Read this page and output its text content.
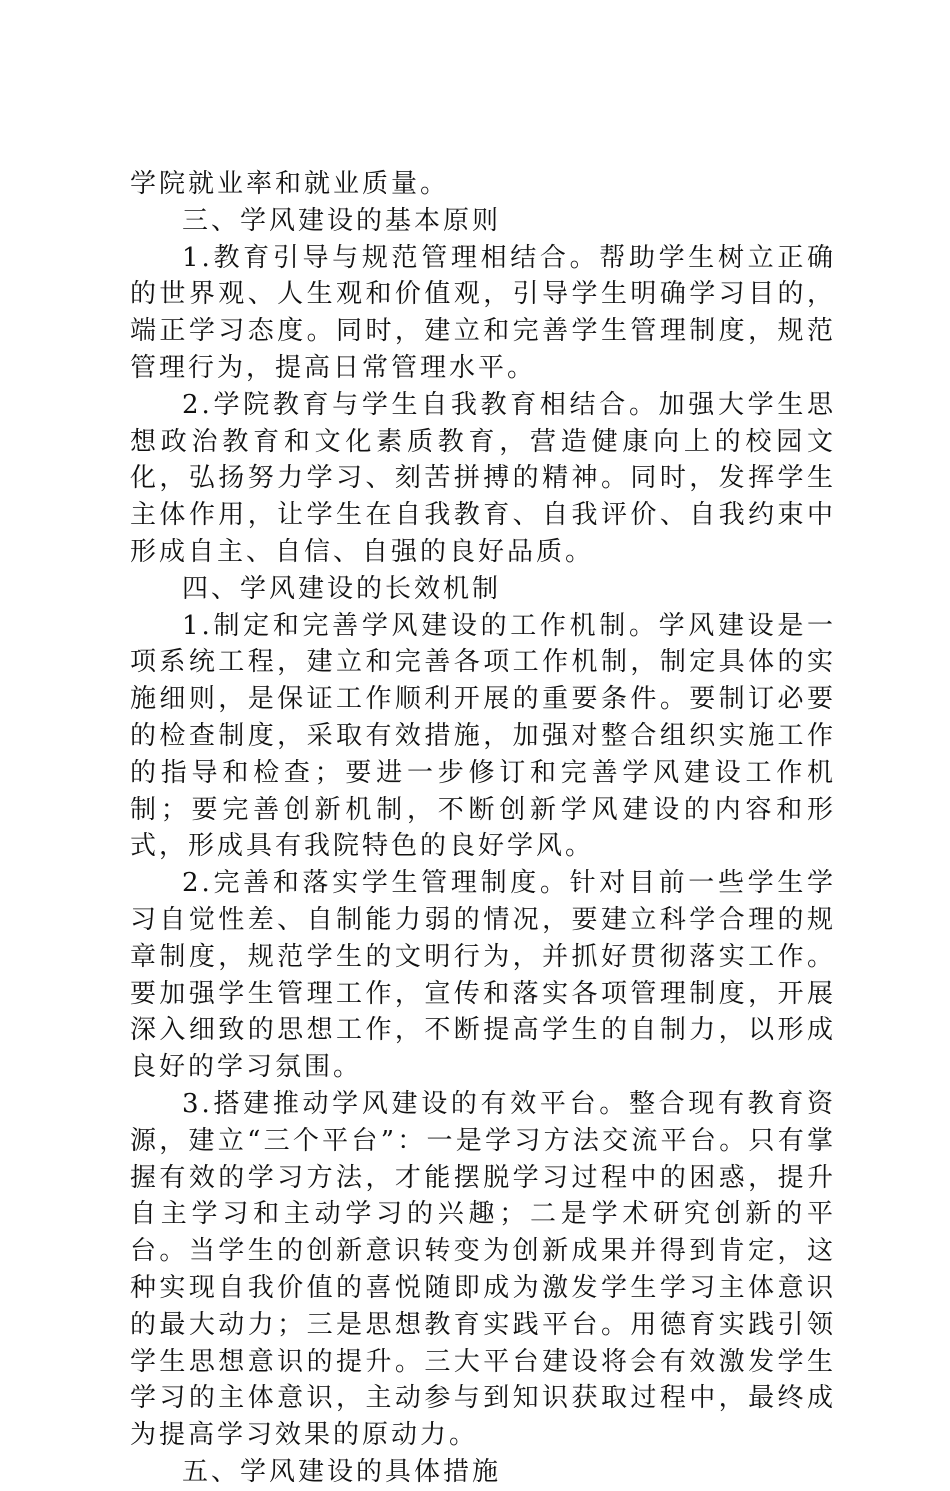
学院就业率和就业质量。

三、学风建设的基本原则

1.教育引导与规范管理相结合。帮助学生树立正确的世界观、人生观和价值观，引导学生明确学习目的，端正学习态度。同时，建立和完善学生管理制度，规范管理行为，提高日常管理水平。

2.学院教育与学生自我教育相结合。加强大学生思想政治教育和文化素质教育，营造健康向上的校园文化，弘扬努力学习、刻苦拼搏的精神。同时，发挥学生主体作用，让学生在自我教育、自我评价、自我约束中形成自主、自信、自强的良好品质。

四、学风建设的长效机制

1.制定和完善学风建设的工作机制。学风建设是一项系统工程，建立和完善各项工作机制，制定具体的实施细则，是保证工作顺利开展的重要条件。要制订必要的检查制度，采取有效措施，加强对整合组织实施工作的指导和检查；要进一步修订和完善学风建设工作机制；要完善创新机制，不断创新学风建设的内容和形式，形成具有我院特色的良好学风。

2.完善和落实学生管理制度。针对目前一些学生学习自觉性差、自制能力弱的情况，要建立科学合理的规章制度，规范学生的文明行为，并抓好贯彻落实工作。要加强学生管理工作，宣传和落实各项管理制度，开展深入细致的思想工作，不断提高学生的自制力，以形成良好的学习氛围。

3.搭建推动学风建设的有效平台。整合现有教育资源，建立“三个平台”：一是学习方法交流平台。只有掌握有效的学习方法，才能摆脱学习过程中的困惑，提升自主学习和主动学习的兴趣；二是学术研究创新的平台。当学生的创新意识转变为创新成果并得到肯定，这种实现自我价值的喜悦随即成为激发学生学习主体意识的最大动力；三是思想教育实践平台。用德育实践引领学生思想意识的提升。三大平台建设将会有效激发学生学习的主体意识，主动参与到知识获取过程中，最终成为提高学习效果的原动力。

五、学风建设的具体措施
